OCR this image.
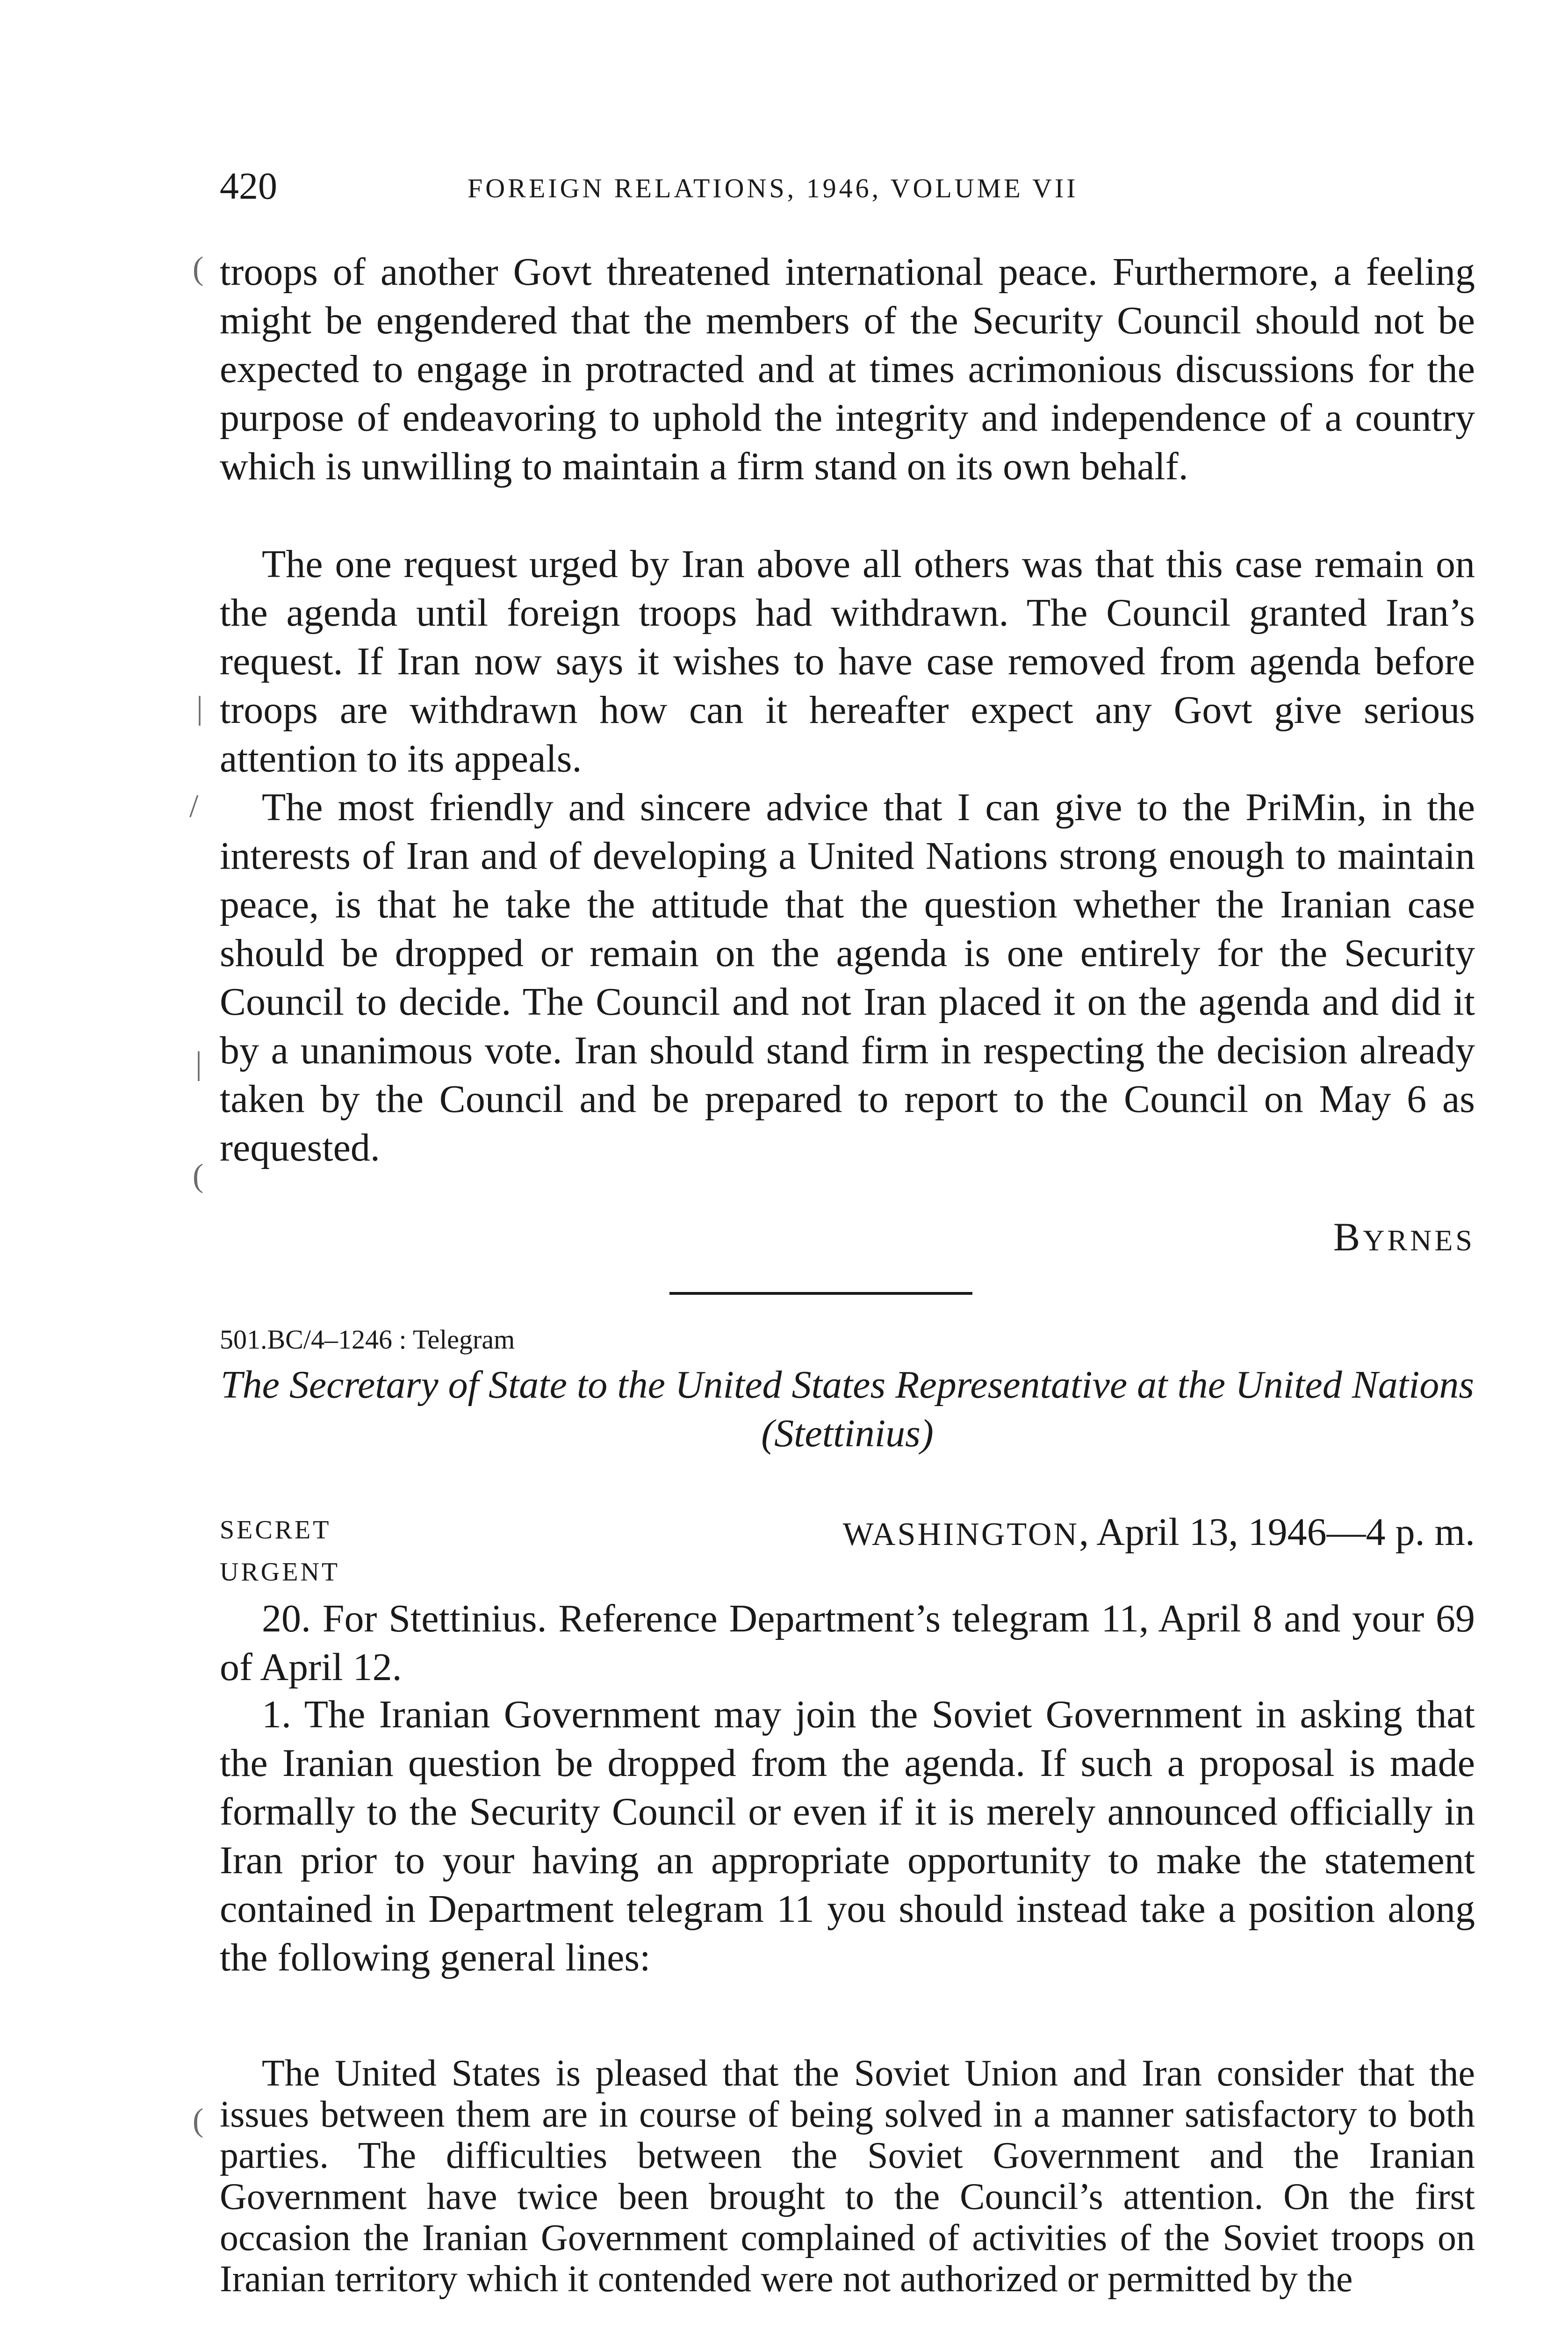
420	FOREIGN RELATIONS, 1946, VOLUME VII
(
|
/
|
(
(

troops of another Govt threatened international peace. Furthermore, a feeling might be engendered that the members of the Security Council should not be expected to engage in protracted and at times acrimonious discussions for the purpose of endeavoring to uphold the integrity and independence of a country which is unwilling to maintain a firm stand on its own behalf.

The one request urged by Iran above all others was that this case remain on the agenda until foreign troops had withdrawn. The Council granted Iran’s request. If Iran now says it wishes to have case removed from agenda before troops are withdrawn how can it hereafter expect any Govt give serious attention to its appeals.

The most friendly and sincere advice that I can give to the PriMin, in the interests of Iran and of developing a United Nations strong enough to maintain peace, is that he take the attitude that the question whether the Iranian case should be dropped or remain on the agenda is one entirely for the Security Council to decide. The Council and not Iran placed it on the agenda and did it by a unanimous vote. Iran should stand firm in respecting the decision already taken by the Council and be prepared to report to the Council on May 6 as requested.

BYRNES
501.BC/4–1246 : Telegram

The Secretary of State to the United States Representative at the United Nations (Stettinius)

SECRET
URGENT
WASHINGTON, April 13, 1946—4 p. m.

20. For Stettinius. Reference Department’s telegram 11, April 8 and your 69 of April 12.

1. The Iranian Government may join the Soviet Government in asking that the Iranian question be dropped from the agenda. If such a proposal is made formally to the Security Council or even if it is merely announced officially in Iran prior to your having an appropriate opportunity to make the statement contained in Department telegram 11 you should instead take a position along the following general lines:

The United States is pleased that the Soviet Union and Iran consider that the issues between them are in course of being solved in a manner satisfactory to both parties. The difficulties between the Soviet Government and the Iranian Government have twice been brought to the Council’s attention. On the first occasion the Iranian Government complained of activities of the Soviet troops on Iranian territory which it contended were not authorized or permitted by the
